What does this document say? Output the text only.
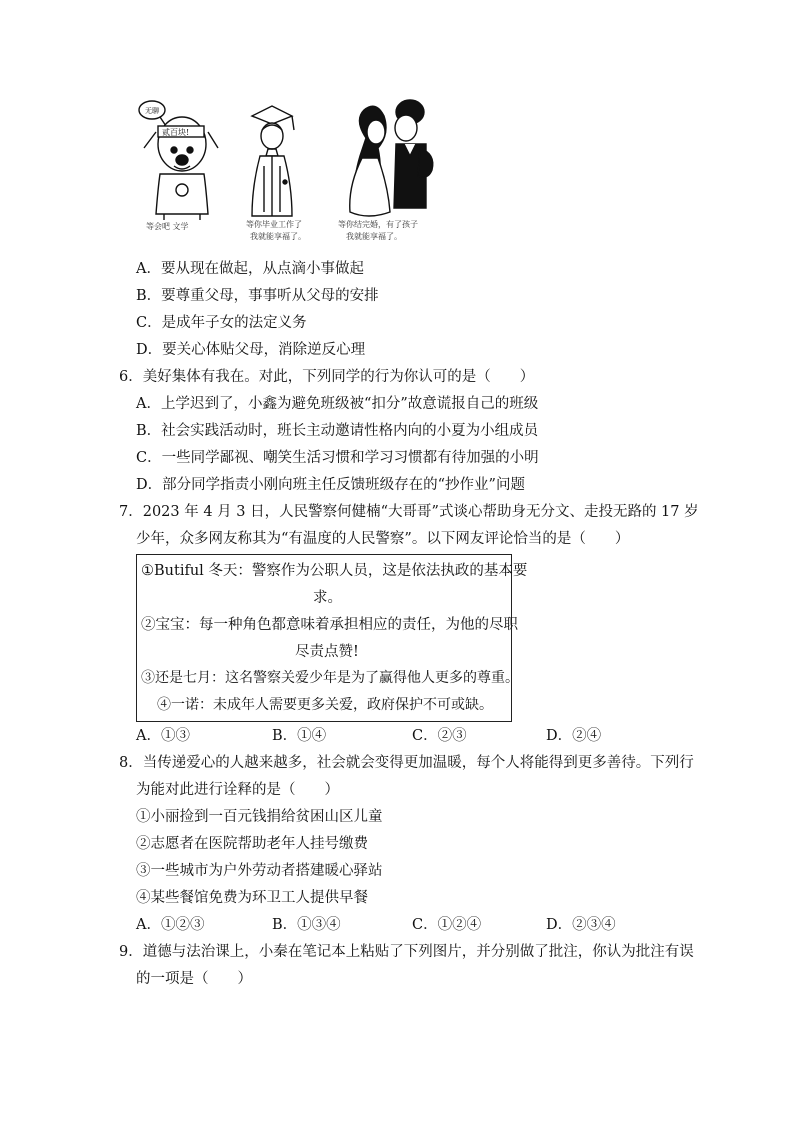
无聊
贰百块!
等会吧 文学	等你毕业工作了
我就能享福了。
等你结完婚，有了孩子
我就能享福了。
A．要从现在做起，从点滴小事做起
B．要尊重父母，事事听从父母的安排
C．是成年子女的法定义务
D．要关心体贴父母，消除逆反心理
6．美好集体有我在。对此，下列同学的行为你认可的是（　　）
A．上学迟到了，小鑫为避免班级被“扣分”故意谎报自己的班级
B．社会实践活动时，班长主动邀请性格内向的小夏为小组成员
C．一些同学鄙视、嘲笑生活习惯和学习习惯都有待加强的小明
D．部分同学指责小刚向班主任反馈班级存在的“抄作业”问题
7．2023 年 4 月 3 日，人民警察何健楠“大哥哥”式谈心帮助身无分文、走投无路的 17 岁
少年，众多网友称其为“有温度的人民警察”。以下网友评论恰当的是（　　）
①Butiful 冬天：警察作为公职人员，这是依法执政的基本要
求。
②宝宝：每一种角色都意味着承担相应的责任，为他的尽职
尽责点赞!
③还是七月：这名警察关爱少年是为了赢得他人更多的尊重。
④一诺：未成年人需要更多关爱，政府保护不可或缺。
A．①③	B．①④	C．②③	D．②④
8．当传递爱心的人越来越多，社会就会变得更加温暖，每个人将能得到更多善待。下列行
为能对此进行诠释的是（　　）
①小丽捡到一百元钱捐给贫困山区儿童
②志愿者在医院帮助老年人挂号缴费
③一些城市为户外劳动者搭建暖心驿站
④某些餐馆免费为环卫工人提供早餐
A．①②③	B．①③④	C．①②④	D．②③④
9．道德与法治课上，小秦在笔记本上粘贴了下列图片，并分别做了批注，你认为批注有误
的一项是（　　）
